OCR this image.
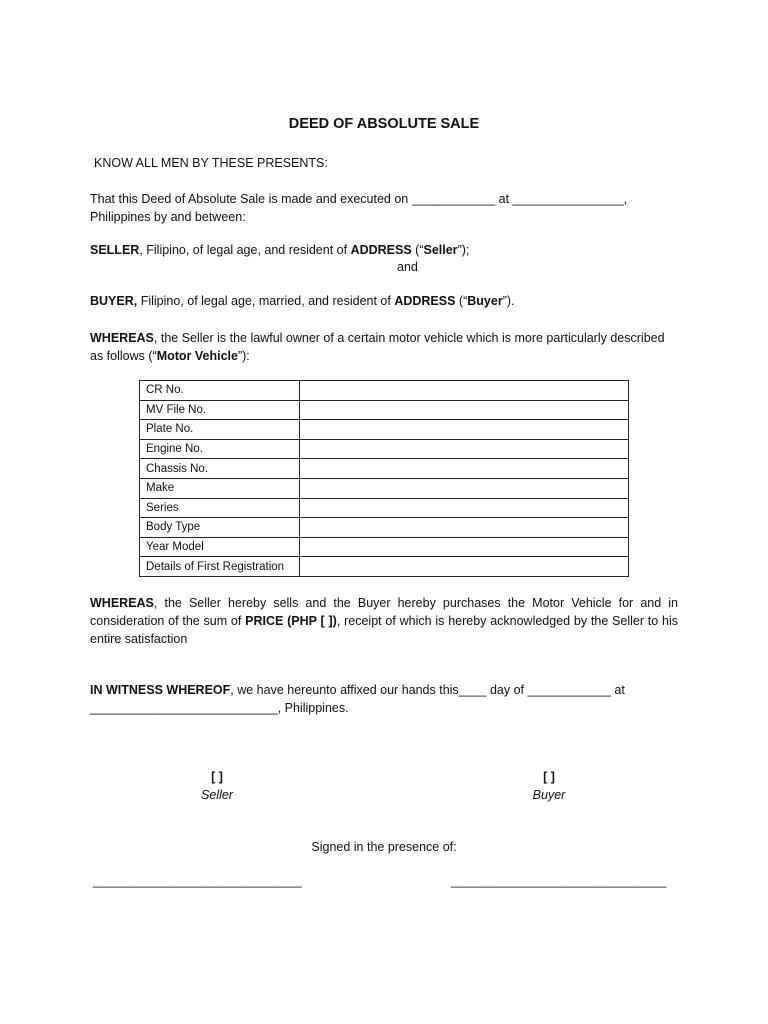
DEED OF ABSOLUTE SALE
KNOW ALL MEN BY THESE PRESENTS:
That this Deed of Absolute Sale is made and executed on ____________ at ________________,
Philippines by and between:
SELLER, Filipino, of legal age, and resident of ADDRESS (“Seller”);
and
BUYER, Filipino, of legal age, married, and resident of ADDRESS (“Buyer”).
WHEREAS, the Seller is the lawful owner of a certain motor vehicle which is more particularly described
as follows (“Motor Vehicle”):
CR No.	
MV File No.	
Plate No.	
Engine No.	
Chassis No.	
Make	
Series	
Body Type	
Year Model	
Details of First Registration	
WHEREAS, the Seller hereby sells and the Buyer hereby purchases the Motor Vehicle for and in consideration of the sum of PRICE (PHP [ ]), receipt of which is hereby acknowledged by the Seller to his entire satisfaction
IN WITNESS WHEREOF, we have hereunto affixed our hands this____ day of ____________ at
___________________________, Philippines.
[ ]
Seller
[ ]
Buyer
Signed in the presence of:
______________________________	_______________________________
